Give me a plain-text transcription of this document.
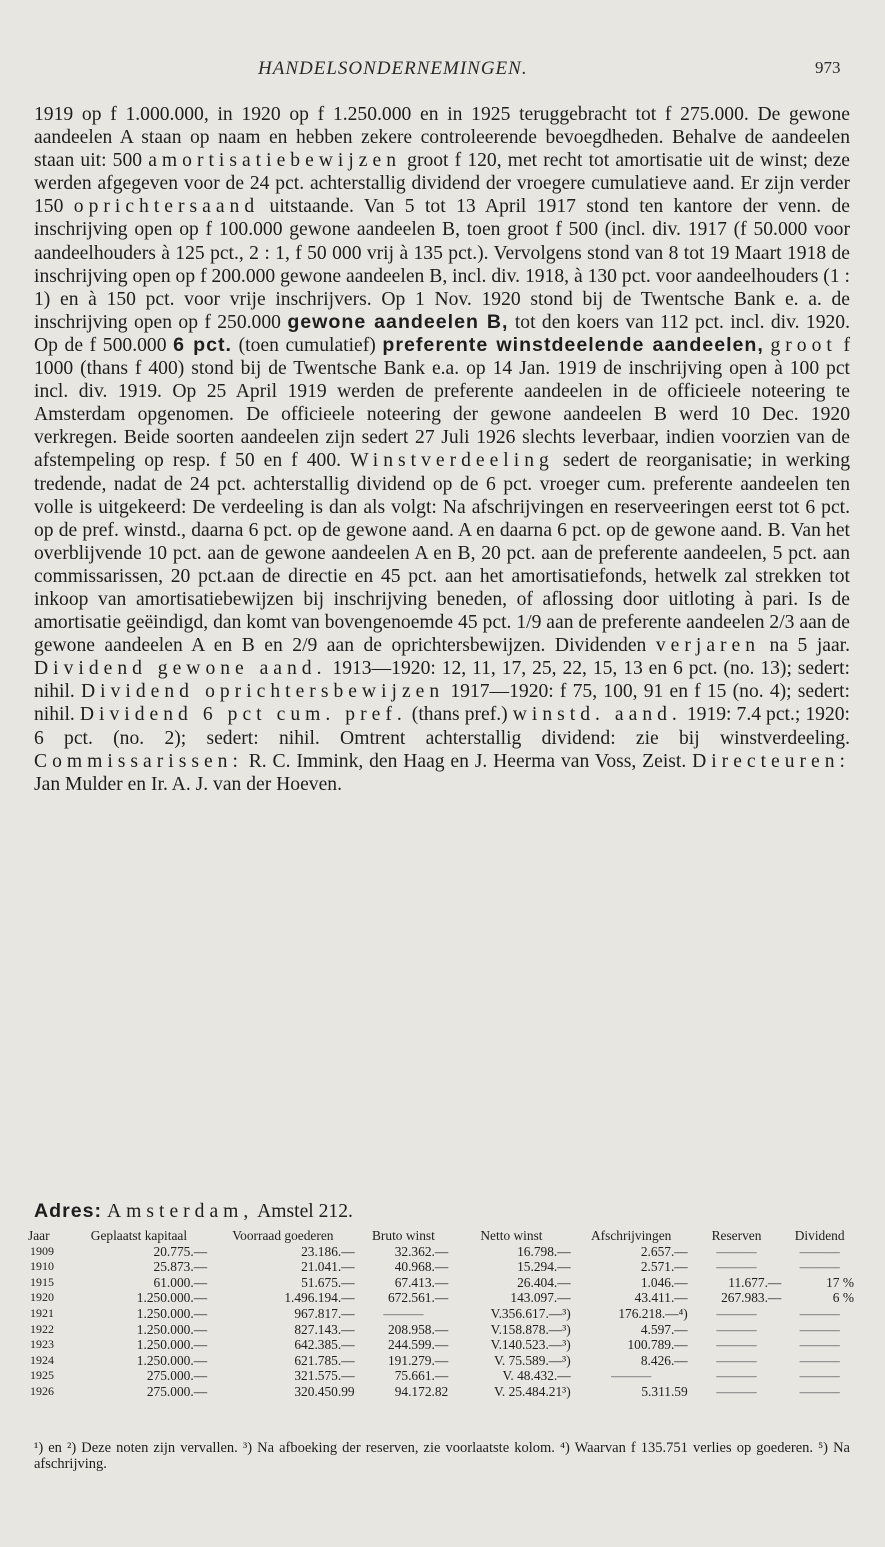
HANDELSONDERNEMINGEN.	973

1919 op f 1.000.000, in 1920 op f 1.250.000 en in 1925 teruggebracht tot f 275.000. De gewone aandeelen A staan op naam en hebben zekere controleerende bevoegdheden. Behalve de aandeelen staan uit: 500 amortisatiebewijzen groot f 120, met recht tot amortisatie uit de winst; deze werden afgegeven voor de 24 pct. achterstallig dividend der vroegere cumulatieve aand. Er zijn verder 150 oprichtersaand uitstaande. Van 5 tot 13 April 1917 stond ten kantore der venn. de inschrijving open op f 100.000 gewone aandeelen B, toen groot f 500 (incl. div. 1917 (f 50.000 voor aandeelhouders à 125 pct., 2 : 1, f 50 000 vrij à 135 pct.). Vervolgens stond van 8 tot 19 Maart 1918 de inschrijving open op f 200.000 gewone aandeelen B, incl. div. 1918, à 130 pct. voor aandeelhouders (1 : 1) en à 150 pct. voor vrije inschrijvers. Op 1 Nov. 1920 stond bij de Twentsche Bank e. a. de inschrijving open op f 250.000 gewone aandeelen B, tot den koers van 112 pct. incl. div. 1920. Op de f 500.000 6 pct. (toen cumulatief) preferente winstdeelende aandeelen, groot f 1000 (thans f 400) stond bij de Twentsche Bank e.a. op 14 Jan. 1919 de inschrijving open à 100 pct incl. div. 1919. Op 25 April 1919 werden de preferente aandeelen in de officieele noteering te Amsterdam opgenomen. De officieele noteering der gewone aandeelen B werd 10 Dec. 1920 verkregen. Beide soorten aandeelen zijn sedert 27 Juli 1926 slechts leverbaar, indien voorzien van de afstempeling op resp. f 50 en f 400. Winstverdeeling sedert de reorganisatie; in werking tredende, nadat de 24 pct. achterstallig dividend op de 6 pct. vroeger cum. preferente aandeelen ten volle is uitgekeerd: De verdeeling is dan als volgt: Na afschrijvingen en reserveeringen eerst tot 6 pct. op de pref. winstd., daarna 6 pct. op de gewone aand. A en daarna 6 pct. op de gewone aand. B. Van het overblijvende 10 pct. aan de gewone aandeelen A en B, 20 pct. aan de preferente aandeelen, 5 pct. aan commissarissen, 20 pct.aan de directie en 45 pct. aan het amortisatiefonds, hetwelk zal strekken tot inkoop van amortisatiebewijzen bij inschrijving beneden, of aflossing door uitloting à pari. Is de amortisatie geëindigd, dan komt van bovengenoemde 45 pct. 1/9 aan de preferente aandeelen 2/3 aan de gewone aandeelen A en B en 2/9 aan de oprichtersbewijzen. Dividenden verjaren na 5 jaar. Dividend gewone aand. 1913—1920: 12, 11, 17, 25, 22, 15, 13 en 6 pct. (no. 13); sedert: nihil. Dividend oprichtersbewijzen 1917—1920: f 75, 100, 91 en f 15 (no. 4); sedert: nihil. Dividend 6 pct cum. pref. (thans pref.) winstd. aand. 1919: 7.4 pct.; 1920: 6 pct. (no. 2); sedert: nihil. Omtrent achterstallig dividend: zie bij winstverdeeling. Commissarissen: R. C. Immink, den Haag en J. Heerma van Voss, Zeist. Directeuren: Jan Mulder en Ir. A. J. van der Hoeven.

Adres: Amsterdam, Amstel 212.
Jaar	Geplaatst kapitaal	Voorraad goederen	Bruto winst	Netto winst	Afschrijvingen	Reserven	Dividend
1909	20.775.—	23.186.—	32.362.—	16.798.—	2.657.—	———	———
1910	25.873.—	21.041.—	40.968.—	15.294.—	2.571.—	———	———
1915	61.000.—	51.675.—	67.413.—	26.404.—	1.046.—	11.677.—	17 %
1920	1.250.000.—	1.496.194.—	672.561.—	143.097.—	43.411.—	267.983.—	6 %
1921	1.250.000.—	967.817.—	———	V.356.617.—³)	176.218.—⁴)	———	———
1922	1.250.000.—	827.143.—	208.958.—	V.158.878.—³)	4.597.—	———	———
1923	1.250.000.—	642.385.—	244.599.—	V.140.523.—³)	100.789.—	———	———
1924	1.250.000.—	621.785.—	191.279.—	V. 75.589.—³)	8.426.—	———	———
1925	275.000.—	321.575.—	75.661.—	V. 48.432.—	———	———	———
1926	275.000.—	320.450.99	94.172.82	V. 25.484.21³)	5.311.59	———	———
¹) en ²) Deze noten zijn vervallen. ³) Na afboeking der reserven, zie voorlaatste kolom. ⁴) Waarvan f 135.751 verlies op goederen. ⁵) Na afschrijving.
